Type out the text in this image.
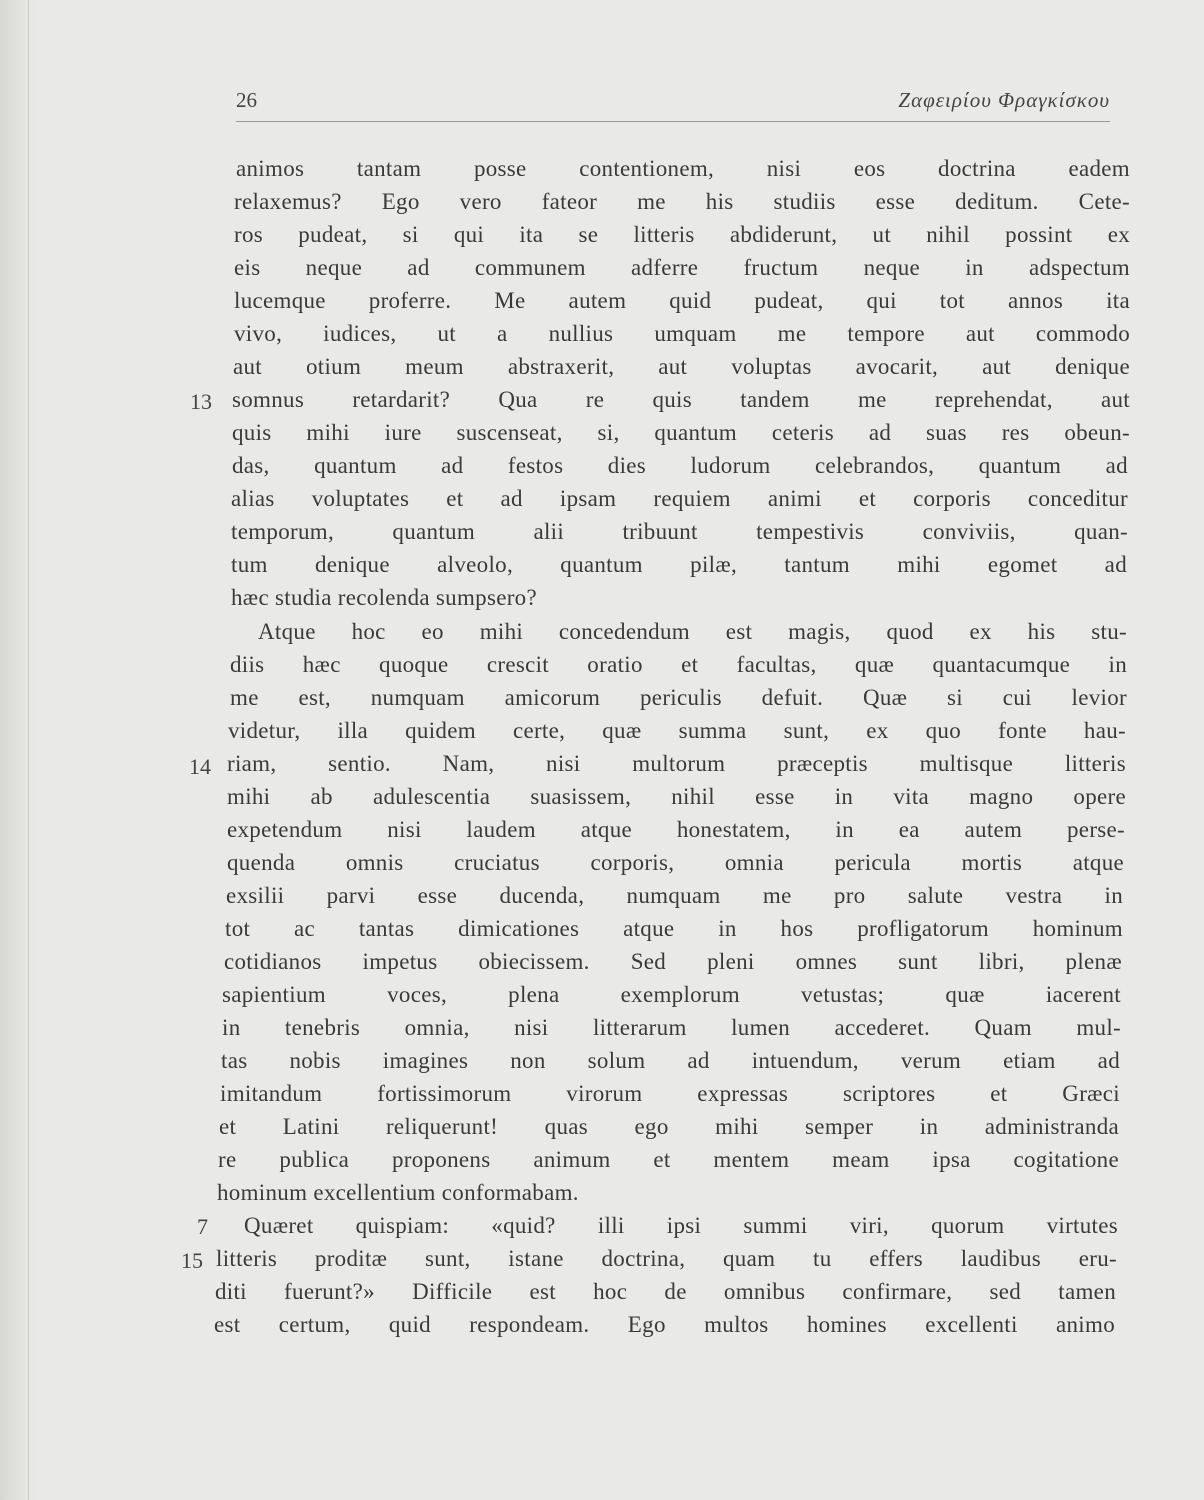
26	Ζαφειρίου Φραγκίσκου
animos tantam posse contentionem, nisi eos doctrina eadem
relaxemus? Ego vero fateor me his studiis esse deditum. Cete-
ros pudeat, si qui ita se litteris abdiderunt, ut nihil possint ex
eis neque ad communem adferre fructum neque in adspectum
lucemque proferre. Me autem quid pudeat, qui tot annos ita
vivo, iudices, ut a nullius umquam me tempore aut commodo
aut otium meum abstraxerit, aut voluptas avocarit, aut denique
13 somnus retardarit? Qua re quis tandem me reprehendat, aut
quis mihi iure suscenseat, si, quantum ceteris ad suas res obeun-
das, quantum ad festos dies ludorum celebrandos, quantum ad
alias voluptates et ad ipsam requiem animi et corporis conceditur
temporum, quantum alii tribuunt tempestivis conviviis, quan-
tum denique alveolo, quantum pilæ, tantum mihi egomet ad
hæc studia recolenda sumpsero?
Atque hoc eo mihi concedendum est magis, quod ex his stu-
diis hæc quoque crescit oratio et facultas, quæ quantacumque in
me est, numquam amicorum periculis defuit. Quæ si cui levior
videtur, illa quidem certe, quæ summa sunt, ex quo fonte hau-
14 riam, sentio. Nam, nisi multorum præceptis multisque litteris
mihi ab adulescentia suasissem, nihil esse in vita magno opere
expetendum nisi laudem atque honestatem, in ea autem perse-
quenda omnis cruciatus corporis, omnia pericula mortis atque
exsilii parvi esse ducenda, numquam me pro salute vestra in
tot ac tantas dimicationes atque in hos profligatorum hominum
cotidianos impetus obiecissem. Sed pleni omnes sunt libri, plenæ
sapientium voces, plena exemplorum vetustas; quæ iacerent
in tenebris omnia, nisi litterarum lumen accederet. Quam mul-
tas nobis imagines non solum ad intuendum, verum etiam ad
imitandum fortissimorum virorum expressas scriptores et Græci
et Latini reliquerunt! quas ego mihi semper in administranda
re publica proponens animum et mentem meam ipsa cogitatione
hominum excellentium conformabam.
7 Quæret quispiam: «quid? illi ipsi summi viri, quorum virtutes
15 litteris proditæ sunt, istane doctrina, quam tu effers laudibus eru-
diti fuerunt?» Difficile est hoc de omnibus confirmare, sed tamen
est certum, quid respondeam. Ego multos homines excellenti animo
